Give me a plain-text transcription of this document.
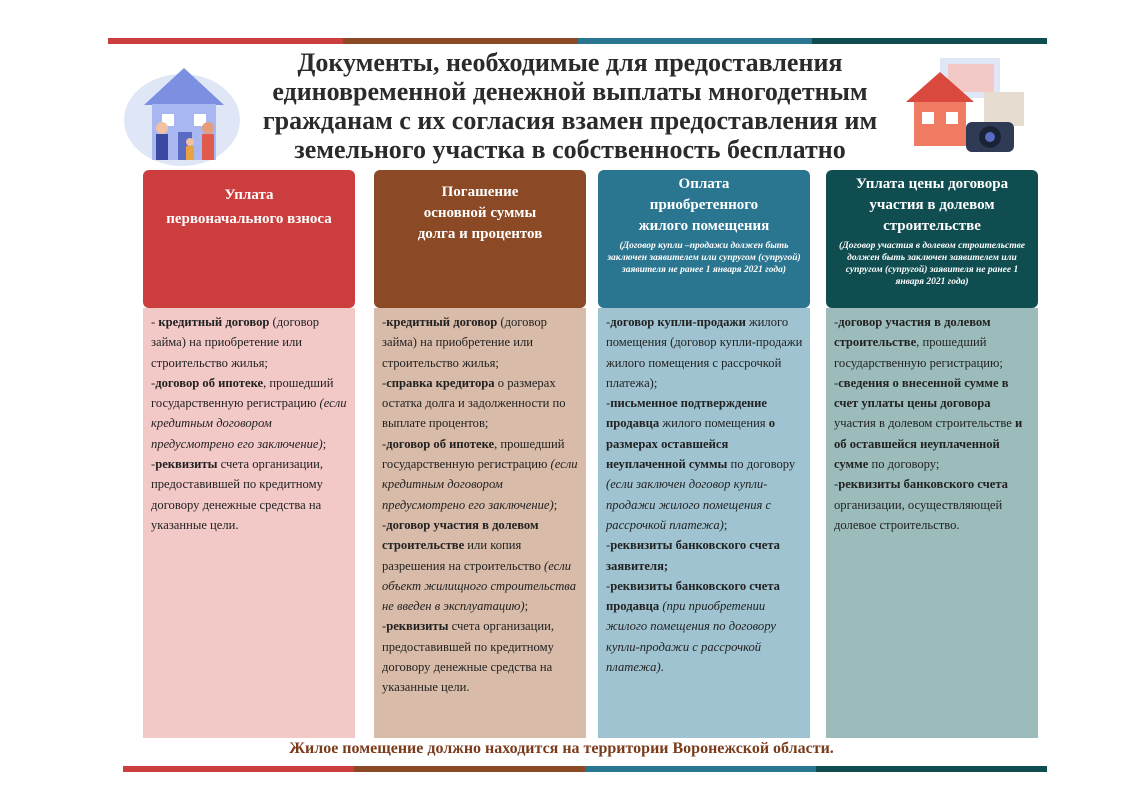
Документы, необходимые для предоставления
единовременной денежной выплаты многодетным
гражданам с их согласия взамен предоставления им
земельного участка в собственность бесплатно
Уплата
первоначального взноса

- кредитный договор (договор займа) на приобретение или строительство жилья;

-договор об ипотеке, прошедший государственную регистрацию (если кредитным договором предусмотрено его заключение);

-реквизиты счета организации, предоставившей по кредитному договору денежные средства на указанные цели.

Погашение
основной суммы
долга и процентов

-кредитный договор (договор займа) на приобретение или строительство жилья;

-справка кредитора о размерах остатка долга и задолженности по выплате процентов;

-договор об ипотеке, прошедший государственную регистрацию (если кредитным договором предусмотрено его заключение);

-договор участия в долевом строительстве или копия разрешения на строительство (если объект жилищного строительства не введен в эксплуатацию);

-реквизиты счета организации, предоставившей по кредитному договору денежные средства на указанные цели.

Оплата
приобретенного
жилого помещения
(Договор купли –продажи должен быть заключен заявителем или супругом (супругой) заявителя не ранее 1 января 2021 года)

-договор купли-продажи жилого помещения (договор купли-продажи жилого помещения с рассрочкой платежа);

-письменное подтверждение продавца жилого помещения о размерах оставшейся неуплаченной суммы по договору (если заключен договор купли-продажи жилого помещения с рассрочкой платежа);

-реквизиты банковского счета заявителя;

-реквизиты банковского счета продавца (при приобретении жилого помещения по договору купли-продажи с рассрочкой платежа).

Уплата цены договора
участия в долевом
строительстве
(Договор участия в долевом строительстве должен быть заключен заявителем или супругом (супругой) заявителя не ранее 1 января 2021 года)

-договор участия в долевом строительстве, прошедший государственную регистрацию;

-сведения о внесенной сумме в счет уплаты цены договора участия в долевом строительстве и об оставшейся неуплаченной сумме по договору;

-реквизиты банковского счета организации, осуществляющей долевое строительство.

Жилое помещение должно находится на территории Воронежской области.
